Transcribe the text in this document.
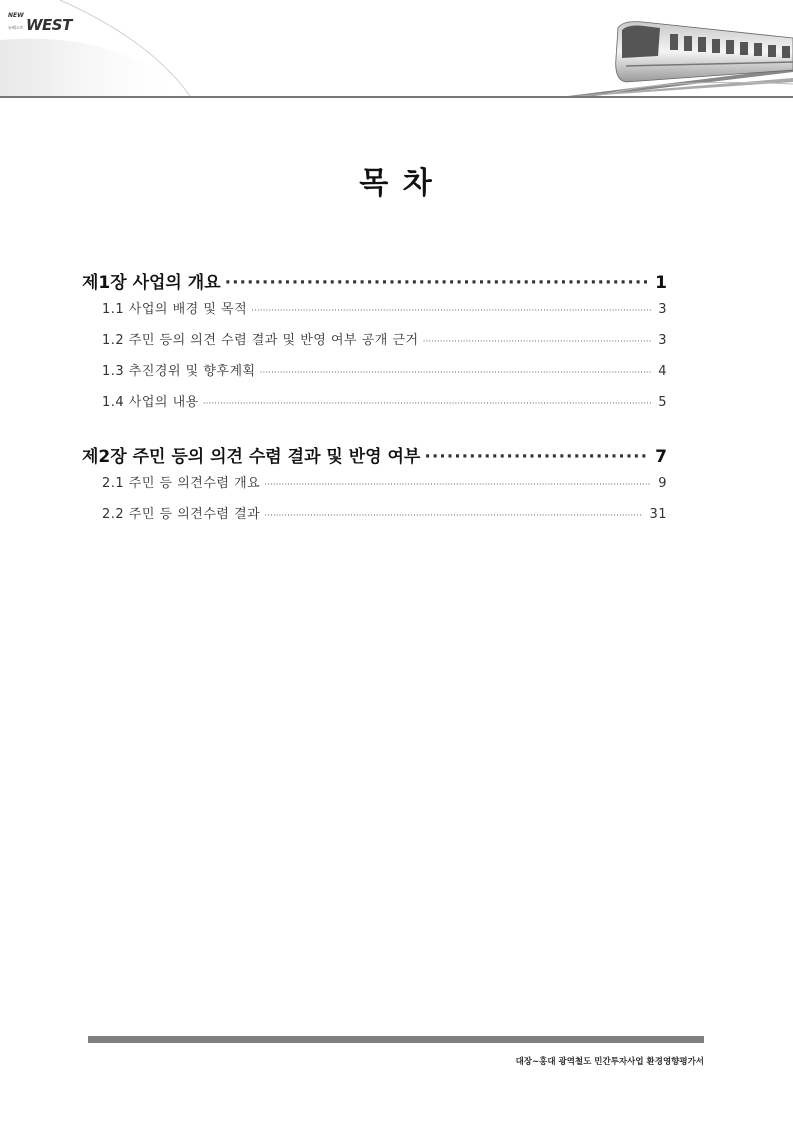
NEW
뉴웨스트 WEST
목 차
제1장 사업의 개요 ·····	1
1.1 사업의 배경 및 목적 ·····	3
1.2 주민 등의 의견 수렴 결과 및 반영 여부 공개 근거 ·····	3
1.3 추진경위 및 향후계획 ·····	4
1.4 사업의 내용 ·····	5
제2장 주민 등의 의견 수렴 결과 및 반영 여부 ·····	7
2.1 주민 등 의견수렴 개요 ·····	9
2.2 주민 등 의견수렴 결과 ·····	31
대장~홍대 광역철도 민간투자사업 환경영향평가서
